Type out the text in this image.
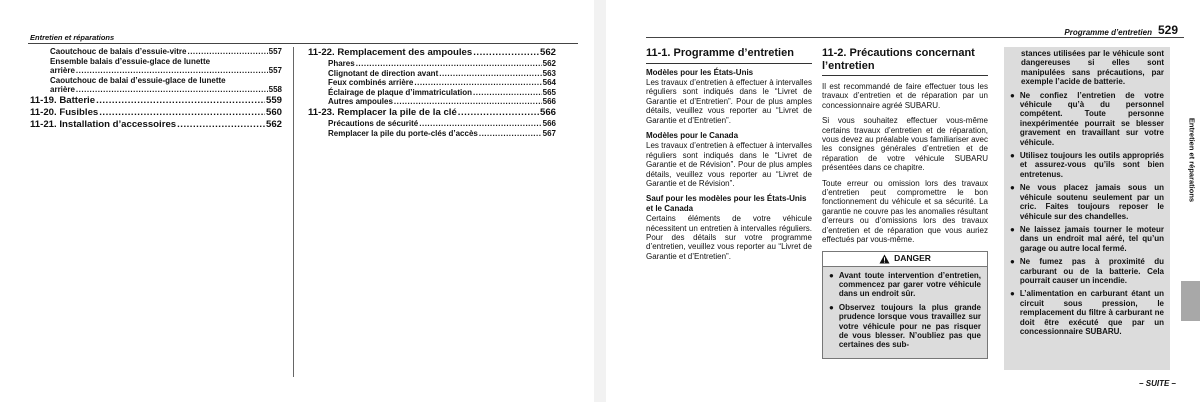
Entretien et réparations
Caoutchouc de balais d’essuie-vitre .....	557
Ensemble balais d’essuie-glace de lunette
arrière .....	557
Caoutchouc de balai d’essuie-glace de lunette
arrière .....	558
11-19. Batterie .....	559
11-20. Fusibles .....	560
11-21. Installation d’accessoires .....	562
11-22. Remplacement des ampoules .....	562
Phares .....	562
Clignotant de direction avant .....	563
Feux combinés arrière .....	564
Éclairage de plaque d’immatriculation .....	565
Autres ampoules .....	566
11-23. Remplacer la pile de la clé .....	566
Précautions de sécurité .....	566
Remplacer la pile du porte-clés d’accès .....	567
Programme d’entretien 529
11-1. Programme d’entretien
Modèles pour les États-Unis

Les travaux d’entretien à effectuer à intervalles réguliers sont indiqués dans le “Livret de Garantie et d’Entretien”. Pour de plus amples détails, veuillez vous reporter au “Livret de Garantie et d’Entretien”.

Modèles pour le Canada

Les travaux d’entretien à effectuer à intervalles réguliers sont indiqués dans le “Livret de Garantie et de Révision”. Pour de plus amples détails, veuillez vous reporter au “Livret de Garantie et de Révision”.

Sauf pour les modèles pour les États-Unis et le Canada

Certains éléments de votre véhicule nécessitent un entretien à intervalles réguliers. Pour des détails sur votre programme d’entretien, veuillez vous reporter au “Livret de Garantie et d’Entretien”.

11-2. Précautions concernant l’entretien

Il est recommandé de faire effectuer tous les travaux d’entretien et de réparation par un concessionnaire agréé SUBARU.

Si vous souhaitez effectuer vous-même certains travaux d’entretien et de réparation, vous devez au préalable vous familiariser avec les consignes générales d’entretien et de réparation de votre véhicule SUBARU présentées dans ce chapitre.

Toute erreur ou omission lors des travaux d’entretien peut compromettre le bon fonctionnement du véhicule et sa sécurité. La garantie ne couvre pas les anomalies résultant d’erreurs ou d’omissions lors des travaux d’entretien et de réparation que vous auriez effectués par vous-même.

DANGER
● Avant toute intervention d’entretien, commencez par garer votre véhicule dans un endroit sûr.
● Observez toujours la plus grande prudence lorsque vous travaillez sur votre véhicule pour ne pas risquer de vous blesser. N’oubliez pas que certaines des sub-
stances utilisées par le véhicule sont dangereuses si elles sont manipulées sans précautions, par exemple l’acide de batterie.
● Ne confiez l’entretien de votre véhicule qu’à du personnel compétent. Toute personne inexpérimentée pourrait se blesser gravement en travaillant sur votre véhicule.
● Utilisez toujours les outils appropriés et assurez-vous qu’ils sont bien entretenus.
● Ne vous placez jamais sous un véhicule soutenu seulement par un cric. Faites toujours reposer le véhicule sur des chandelles.
● Ne laissez jamais tourner le moteur dans un endroit mal aéré, tel qu’un garage ou autre local fermé.
● Ne fumez pas à proximité du carburant ou de la batterie. Cela pourrait causer un incendie.
● L’alimentation en carburant étant un circuit sous pression, le remplacement du filtre à carburant ne doit être exécuté que par un concessionnaire SUBARU.
Entretien et réparations
– SUITE –
